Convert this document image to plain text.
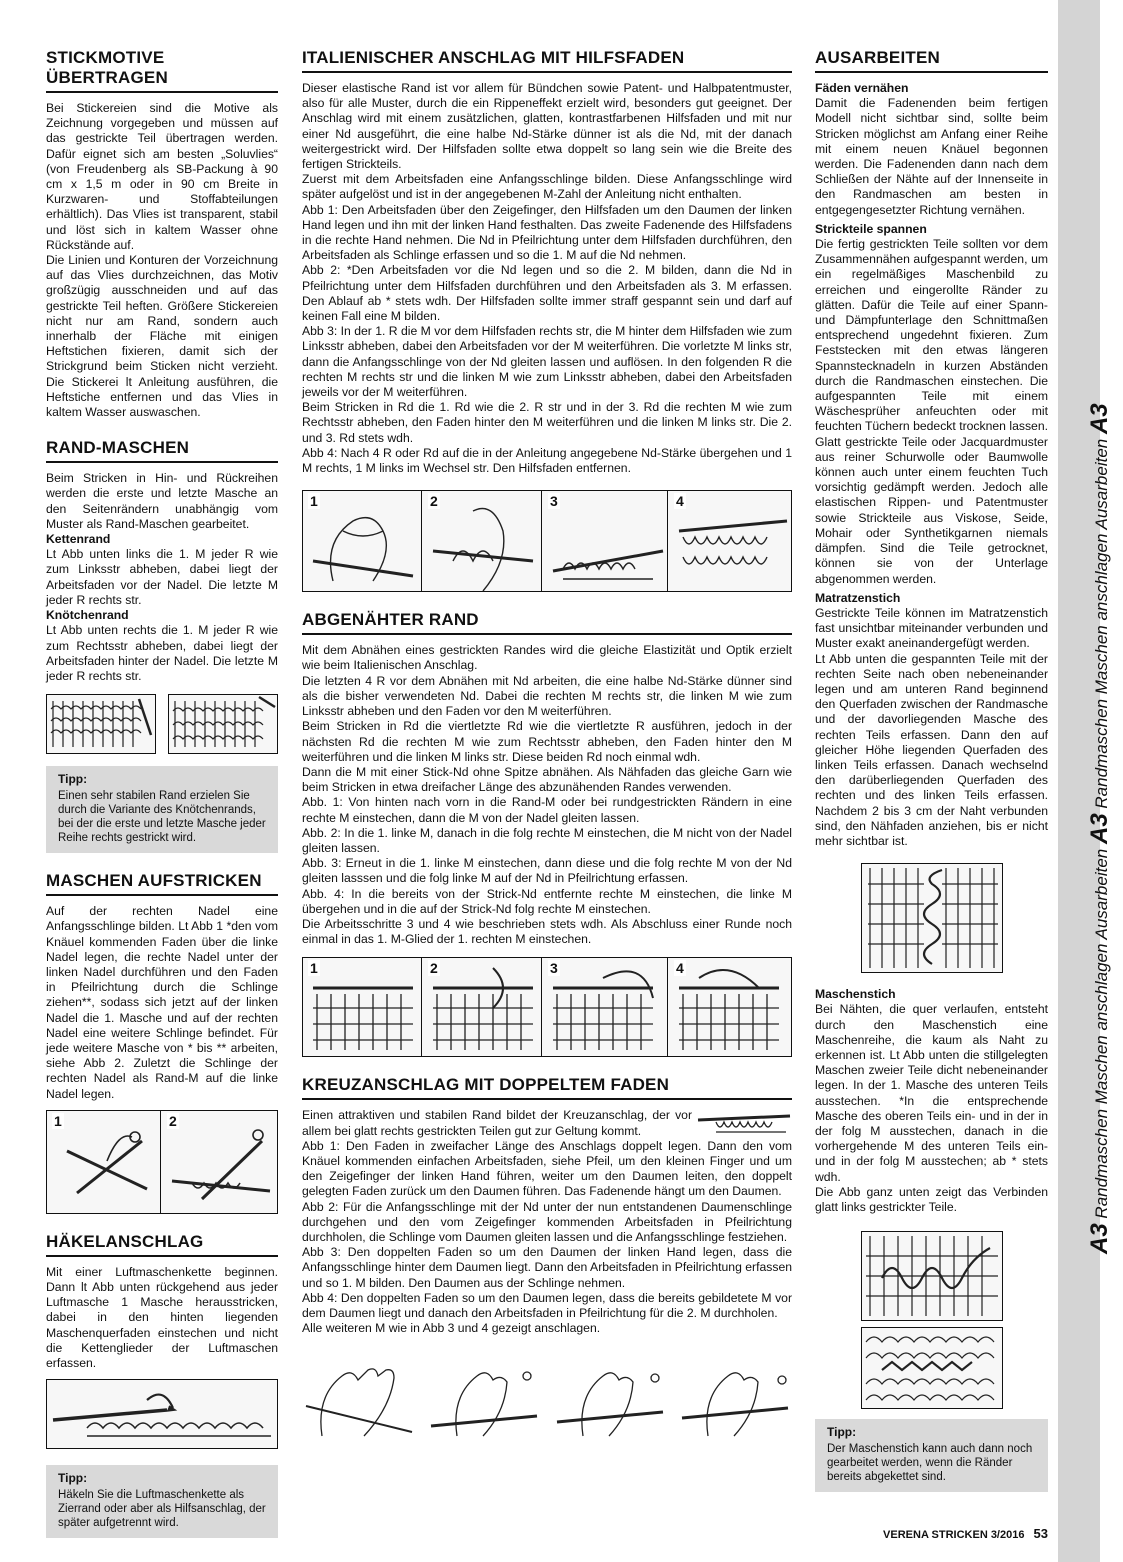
STICKMOTIVE ÜBERTRAGEN

Bei Stickereien sind die Motive als Zeichnung vorgegeben und müssen auf das gestrickte Teil übertragen werden. Dafür eignet sich am besten „Soluvlies“ (von Freudenberg als SB-Packung à 90 cm x 1,5 m oder in 90 cm Breite in Kurzwaren- und Stoffabteilungen erhältlich). Das Vlies ist transparent, stabil und löst sich in kaltem Wasser ohne Rückstände auf.

Die Linien und Konturen der Vorzeichnung auf das Vlies durchzeichnen, das Motiv großzügig ausschneiden und auf das gestrickte Teil heften. Größere Stickereien nicht nur am Rand, sondern auch innerhalb der Fläche mit einigen Heftstichen fixieren, damit sich der Strickgrund beim Sticken nicht verzieht. Die Stickerei lt Anleitung ausführen, die Heftstiche entfernen und das Vlies in kaltem Wasser auswaschen.

RAND-MASCHEN

Beim Stricken in Hin- und Rückreihen werden die erste und letzte Masche an den Seitenrändern unabhängig vom Muster als Rand-Maschen gearbeitet.

Kettenrand

Lt Abb unten links die 1. M jeder R wie zum Linksstr abheben, dabei liegt der Arbeitsfaden vor der Nadel. Die letzte M jeder R rechts str.

Knötchenrand

Lt Abb unten rechts die 1. M jeder R wie zum Rechtsstr abheben, dabei liegt der Arbeitsfaden hinter der Nadel. Die letzte M jeder R rechts str.

Tipp:

Einen sehr stabilen Rand erzielen Sie durch die Variante des Knötchenrands, bei der die erste und letzte Masche jeder Reihe rechts gestrickt wird.

MASCHEN AUFSTRICKEN

Auf der rechten Nadel eine Anfangsschlinge bilden. Lt Abb 1 *den vom Knäuel kommenden Faden über die linke Nadel legen, die rechte Nadel unter der linken Nadel durchführen und den Faden in Pfeilrichtung durch die Schlinge ziehen**, sodass sich jetzt auf der linken Nadel die 1. Masche und auf der rechten Nadel eine weitere Schlinge befindet. Für jede weitere Masche von * bis ** arbeiten, siehe Abb 2. Zuletzt die Schlinge der rechten Nadel als Rand-M auf die linke Nadel legen.

1	2
HÄKELANSCHLAG

Mit einer Luftmaschenkette beginnen. Dann lt Abb unten rückgehend aus jeder Luftmasche 1 Masche herausstricken, dabei in den hinten liegenden Maschenquerfaden einstechen und nicht die Kettenglieder der Luftmaschen erfassen.

Tipp:

Häkeln Sie die Luftmaschenkette als Zierrand oder aber als Hilfsanschlag, der später aufgetrennt wird.

ITALIENISCHER ANSCHLAG MIT HILFSFADEN

Dieser elastische Rand ist vor allem für Bündchen sowie Patent- und Halbpatentmuster, also für alle Muster, durch die ein Rippeneffekt erzielt wird, besonders gut geeignet. Der Anschlag wird mit einem zusätzlichen, glatten, kontrastfarbenen Hilfsfaden und mit nur einer Nd ausgeführt, die eine halbe Nd-Stärke dünner ist als die Nd, mit der danach weitergestrickt wird. Der Hilfsfaden sollte etwa doppelt so lang sein wie die Breite des fertigen Strickteils.

Zuerst mit dem Arbeitsfaden eine Anfangsschlinge bilden. Diese Anfangsschlinge wird später aufgelöst und ist in der angegebenen M-Zahl der Anleitung nicht enthalten.

Abb 1: Den Arbeitsfaden über den Zeigefinger, den Hilfsfaden um den Daumen der linken Hand legen und ihn mit der linken Hand festhalten. Das zweite Fadenende des Hilfsfadens in die rechte Hand nehmen. Die Nd in Pfeilrichtung unter dem Hilfsfaden durchführen, den Arbeitsfaden als Schlinge erfassen und so die 1. M auf die Nd nehmen.

Abb 2: *Den Arbeitsfaden vor die Nd legen und so die 2. M bilden, dann die Nd in Pfeilrichtung unter dem Hilfsfaden durchführen und den Arbeitsfaden als 3. M erfassen. Den Ablauf ab * stets wdh. Der Hilfsfaden sollte immer straff gespannt sein und darf auf keinen Fall eine M bilden.

Abb 3: In der 1. R die M vor dem Hilfsfaden rechts str, die M hinter dem Hilfsfaden wie zum Linksstr abheben, dabei den Arbeitsfaden vor der M weiterführen. Die vorletzte M links str, dann die Anfangsschlinge von der Nd gleiten lassen und auflösen. In den folgenden R die rechten M rechts str und die linken M wie zum Linksstr abheben, dabei den Arbeitsfaden jeweils vor der M weiterführen.

Beim Stricken in Rd die 1. Rd wie die 2. R str und in der 3. Rd die rechten M wie zum Rechtsstr abheben, den Faden hinter den M weiterführen und die linken M links str. Die 2. und 3. Rd stets wdh.

Abb 4: Nach 4 R oder Rd auf die in der Anleitung angegebene Nd-Stärke übergehen und 1 M rechts, 1 M links im Wechsel str. Den Hilfsfaden entfernen.

1	2	3	4
ABGENÄHTER RAND

Mit dem Abnähen eines gestrickten Randes wird die gleiche Elastizität und Optik erzielt wie beim Italienischen Anschlag.

Die letzten 4 R vor dem Abnähen mit Nd arbeiten, die eine halbe Nd-Stärke dünner sind als die bisher verwendeten Nd. Dabei die rechten M rechts str, die linken M wie zum Linksstr abheben und den Faden vor den M weiterführen.

Beim Stricken in Rd die viertletzte Rd wie die viertletzte R ausführen, jedoch in der nächsten Rd die rechten M wie zum Rechtsstr abheben, den Faden hinter den M weiterführen und die linken M links str. Diese beiden Rd noch einmal wdh.

Dann die M mit einer Stick-Nd ohne Spitze abnähen. Als Nähfaden das gleiche Garn wie beim Stricken in etwa dreifacher Länge des abzunähenden Randes verwenden.

Abb. 1: Von hinten nach vorn in die Rand-M oder bei rundgestrickten Rändern in eine rechte M einstechen, dann die M von der Nadel gleiten lassen.

Abb. 2: In die 1. linke M, danach in die folg rechte M einstechen, die M nicht von der Nadel gleiten lassen.

Abb. 3: Erneut in die 1. linke M einstechen, dann diese und die folg rechte M von der Nd gleiten lasssen und die folg linke M auf der Nd in Pfeilrichtung erfassen.

Abb. 4: In die bereits von der Strick-Nd entfernte rechte M einstechen, die linke M übergehen und in die auf der Strick-Nd folg rechte M einstechen.

Die Arbeitsschritte 3 und 4 wie beschrieben stets wdh. Als Abschluss einer Runde noch einmal in das 1. M-Glied der 1. rechten M einstechen.

1	2	3	4
KREUZANSCHLAG MIT DOPPELTEM FADEN

Einen attraktiven und stabilen Rand bildet der Kreuzanschlag, der vor allem bei glatt rechts gestrickten Teilen gut zur Geltung kommt.

Abb 1: Den Faden in zweifacher Länge des Anschlags doppelt legen. Dann den vom Knäuel kommenden einfachen Arbeitsfaden, siehe Pfeil, um den kleinen Finger und um den Zeigefinger der linken Hand führen, weiter um den Daumen leiten, den doppelt gelegten Faden zurück um den Daumen führen. Das Fadenende hängt um den Daumen.

Abb 2: Für die Anfangsschlinge mit der Nd unter der nun entstandenen Daumenschlinge durchgehen und den vom Zeigefinger kommenden Arbeitsfaden in Pfeilrichtung durchholen, die Schlinge vom Daumen gleiten lassen und die Anfangsschlinge festziehen.

Abb 3: Den doppelten Faden so um den Daumen der linken Hand legen, dass die Anfangsschlinge hinter dem Daumen liegt. Dann den Arbeitsfaden in Pfeilrichtung erfassen und so 1. M bilden. Den Daumen aus der Schlinge nehmen.

Abb 4: Den doppelten Faden so um den Daumen legen, dass die bereits gebildetete M vor dem Daumen liegt und danach den Arbeitsfaden in Pfeilrichtung für die 2. M durchholen.

Alle weiteren M wie in Abb 3 und 4 gezeigt anschlagen.

AUSARBEITEN
Fäden vernähen

Damit die Fadenenden beim fertigen Modell nicht sichtbar sind, sollte beim Stricken möglichst am Anfang einer Reihe mit einem neuen Knäuel begonnen werden. Die Fadenenden dann nach dem Schließen der Nähte auf der Innenseite in den Randmaschen am besten in entgegengesetzter Richtung vernähen.

Strickteile spannen

Die fertig gestrickten Teile sollten vor dem Zusammennähen aufgespannt werden, um ein regelmäßiges Maschenbild zu erreichen und eingerollte Ränder zu glätten. Dafür die Teile auf einer Spann- und Dämpfunterlage den Schnittmaßen entsprechend ungedehnt fixieren. Zum Feststecken mit den etwas längeren Spannstecknadeln in kurzen Abständen durch die Randmaschen einstechen. Die aufgespannten Teile mit einem Wäschesprüher anfeuchten oder mit feuchten Tüchern bedeckt trocknen lassen. Glatt gestrickte Teile oder Jacquardmuster aus reiner Schurwolle oder Baumwolle können auch unter einem feuchten Tuch vorsichtig gedämpft werden. Jedoch alle elastischen Rippen- und Patentmuster sowie Strickteile aus Viskose, Seide, Mohair oder Synthetikgarnen niemals dämpfen. Sind die Teile getrocknet, können sie von der Unterlage abgenommen werden.

Matratzenstich

Gestrickte Teile können im Matratzenstich fast unsichtbar miteinander verbunden und Muster exakt aneinandergefügt werden.

Lt Abb unten die gespannten Teile mit der rechten Seite nach oben nebeneinander legen und am unteren Rand beginnend den Querfaden zwischen der Randmasche und der davorliegenden Masche des rechten Teils erfassen. Dann den auf gleicher Höhe liegenden Querfaden des linken Teils erfassen. Danach wechselnd den darüberliegenden Querfaden des rechten und des linken Teils erfassen. Nachdem 2 bis 3 cm der Naht verbunden sind, den Nähfaden anziehen, bis er nicht mehr sichtbar ist.

Maschenstich

Bei Nähten, die quer verlaufen, entsteht durch den Maschenstich eine Maschenreihe, die kaum als Naht zu erkennen ist. Lt Abb unten die stillgelegten Maschen zweier Teile dicht nebeneinander legen. In der 1. Masche des unteren Teils ausstechen. *In die entsprechende Masche des oberen Teils ein- und in der in der folg M ausstechen, danach in die vorhergehende M des unteren Teils ein- und in der folg M ausstechen; ab * stets wdh.

Die Abb ganz unten zeigt das Verbinden glatt links gestrickter Teile.

Tipp:

Der Maschenstich kann auch dann noch gearbeitet werden, wenn die Ränder bereits abgekettet sind.

A3 Randmaschen Maschen anschlagen Ausarbeiten A3 Randmaschen Maschen anschlagen Ausarbeiten A3
VERENA STRICKEN 3/2016 53
